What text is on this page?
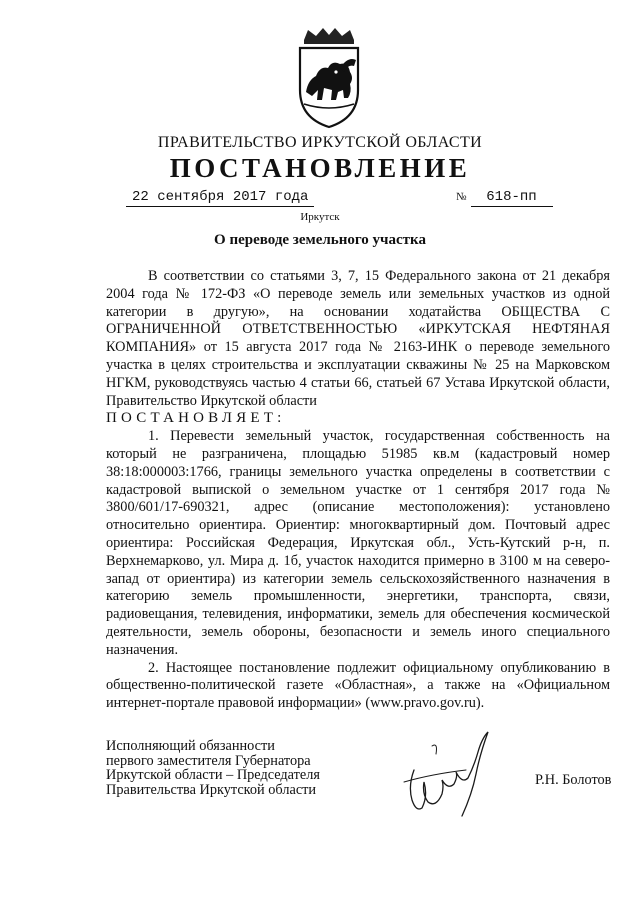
ПРАВИТЕЛЬСТВО ИРКУТСКОЙ ОБЛАСТИ
ПОСТАНОВЛЕНИЕ
22 сентября 2017 года	№ 618-пп
Иркутск
О переводе земельного участка

В соответствии со статьями 3, 7, 15 Федерального закона от 21 декабря 2004 года № 172-ФЗ «О переводе земель или земельных участков из одной категории в другую», на основании ходатайства ОБЩЕСТВА С ОГРАНИЧЕННОЙ ОТВЕТСТВЕННОСТЬЮ «ИРКУТСКАЯ НЕФТЯНАЯ КОМПАНИЯ» от 15 августа 2017 года № 2163-ИНК о переводе земельного участка в целях строительства и эксплуатации скважины № 25 на Марковском НГКМ, руководствуясь частью 4 статьи 66, статьей 67 Устава Иркутской области, Правительство Иркутской области

ПОСТАНОВЛЯЕТ:

1. Перевести земельный участок, государственная собственность на который не разграничена, площадью 51985 кв.м (кадастровый номер 38:18:000003:1766, границы земельного участка определены в соответствии с кадастровой выпиской о земельном участке от 1 сентября 2017 года № 3800/601/17-690321, адрес (описание местоположения): установлено относительно ориентира. Ориентир: многоквартирный дом. Почтовый адрес ориентира: Российская Федерация, Иркутская обл., Усть-Кутский р-н, п. Верхнемарково, ул. Мира д. 1б, участок находится примерно в 3100 м на северо-запад от ориентира) из категории земель сельскохозяйственного назначения в категорию земель промышленности, энергетики, транспорта, связи, радиовещания, телевидения, информатики, земель для обеспечения космической деятельности, земель обороны, безопасности и земель иного специального назначения.

2. Настоящее постановление подлежит официальному опубликованию в общественно-политической газете «Областная», а также на «Официальном интернет-портале правовой информации» (www.pravo.gov.ru).

Исполняющий обязанности
первого заместителя Губернатора
Иркутской области – Председателя
Правительства Иркутской области
Р.Н. Болотов
